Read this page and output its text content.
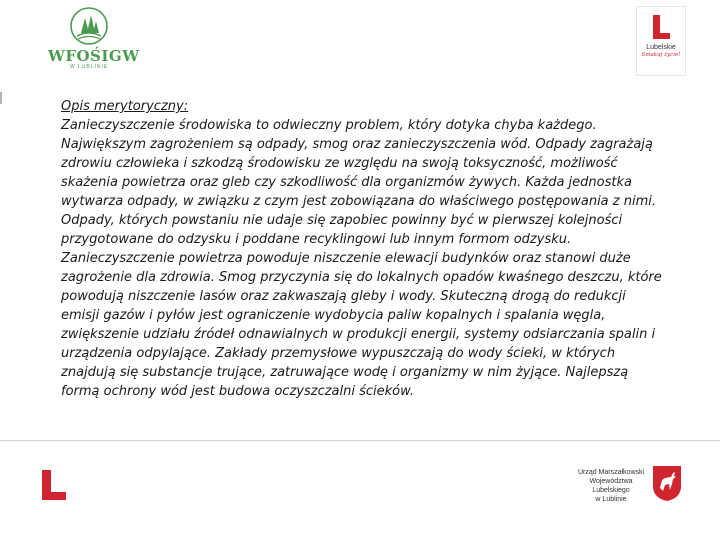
WFOŚIGW
W LUBLINIE
Lubelskie
Smakuj życie!
Opis merytoryczny:
Zanieczyszczenie środowiska to odwieczny problem, który dotyka chyba każdego.
Największym zagrożeniem są odpady, smog oraz zanieczyszczenia wód. Odpady zagrażają
zdrowiu człowieka i szkodzą środowisku ze względu na swoją toksyczność, możliwość
skażenia powietrza oraz gleb czy szkodliwość dla organizmów żywych. Każda jednostka
wytwarza odpady, w związku z czym jest zobowiązana do właściwego postępowania z nimi.
Odpady, których powstaniu nie udaje się zapobiec powinny być w pierwszej kolejności
przygotowane do odzysku i poddane recyklingowi lub innym formom odzysku.
Zanieczyszczenie powietrza powoduje niszczenie elewacji budynków oraz stanowi duże
zagrożenie dla zdrowia. Smog przyczynia się do lokalnych opadów kwaśnego deszczu, które
powodują niszczenie lasów oraz zakwaszają gleby i wody. Skuteczną drogą do redukcji
emisji gazów i pyłów jest ograniczenie wydobycia paliw kopalnych i spalania węgla,
zwiększenie udziału źródeł odnawialnych w produkcji energii, systemy odsiarczania spalin i
urządzenia odpylające. Zakłady przemysłowe wypuszczają do wody ścieki, w których
znajdują się substancje trujące, zatruwające wodę i organizmy w nim żyjące. Najlepszą
formą ochrony wód jest budowa oczyszczalni ścieków.
Urząd Marszałkowski
Województwa Lubelskiego
w Lublinie
